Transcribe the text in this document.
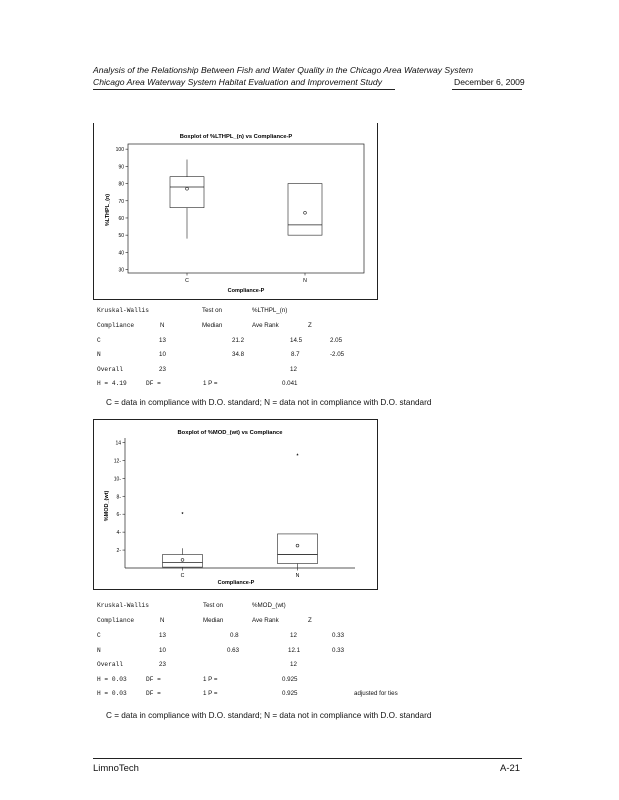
Analysis of the Relationship Between Fish and Water Quality in the Chicago Area Waterway System
Chicago Area Waterway System Habitat Evaluation and Improvement Study	December 6, 2009
Boxplot of %LTHPL_(n) vs Compliance-P
30
40
50
60
70
80
90
100
C	N
%LTHPL_(n)
Compliance-P
Kruskal-Wallis	Test on	%LTHPL_(n)
Compliance	N	Median	Ave Rank	Z
C	13	21.2	14.5	2.05
N	10	34.8	8.7	-2.05
Overall	23	12
H = 4.19	DF =	1 P =	0.041
C = data in compliance with D.O. standard; N = data not in compliance with D.O. standard
Boxplot of %MOD_(wt) vs Compliance
2-
4-
6-
8-
10-
12-
14
*
C
*
N
%MOD_(wt)
Compliance-P
Kruskal-Wallis	Test on	%MOD_(wt)
Compliance	N	Median	Ave Rank	Z
C	13	0.8	12	0.33
N	10	0.63	12.1	0.33
Overall	23	12
H = 0.03	DF =	1 P =	0.925
H = 0.03	DF =	1 P =	0.925	adjusted for ties
C = data in compliance with D.O. standard; N = data not in compliance with D.O. standard
LimnoTech	A-21
